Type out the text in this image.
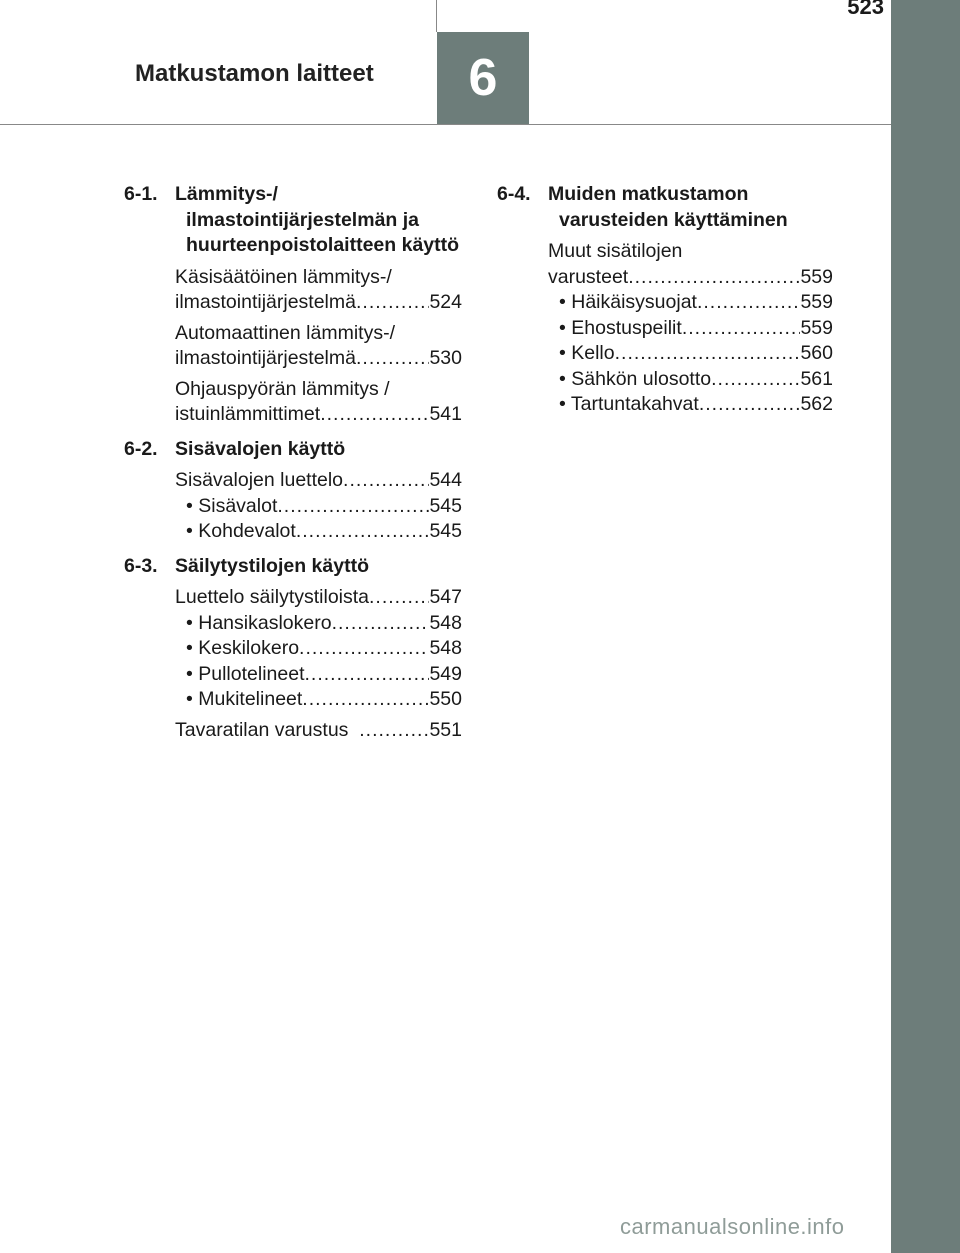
523
Matkustamon laitteet	6
6-1. Lämmitys-/ ilmastointijärjestelmän ja huurteenpoistolaitteen käyttö
Käsisäätöinen lämmitys-/
ilmastointijärjestelmä .....	524
Automaattinen lämmitys-/
ilmastointijärjestelmä .....	530
Ohjauspyörän lämmitys /
istuinlämmittimet .....	541
6-2. Sisävalojen käyttö
Sisävalojen luettelo .....	544
• Sisävalot .....	545
• Kohdevalot .....	545
6-3. Säilytystilojen käyttö
Luettelo säilytystiloista .....	547
• Hansikaslokero .....	548
• Keskilokero .....	548
• Pullotelineet .....	549
• Mukitelineet .....	550
Tavaratilan varustus .....	551
6-4. Muiden matkustamon varusteiden käyttäminen
Muut sisätilojen
varusteet .....	559
• Häikäisysuojat .....	559
• Ehostuspeilit .....	559
• Kello .....	560
• Sähkön ulosotto .....	561
• Tartuntakahvat .....	562
carmanualsonline.info
